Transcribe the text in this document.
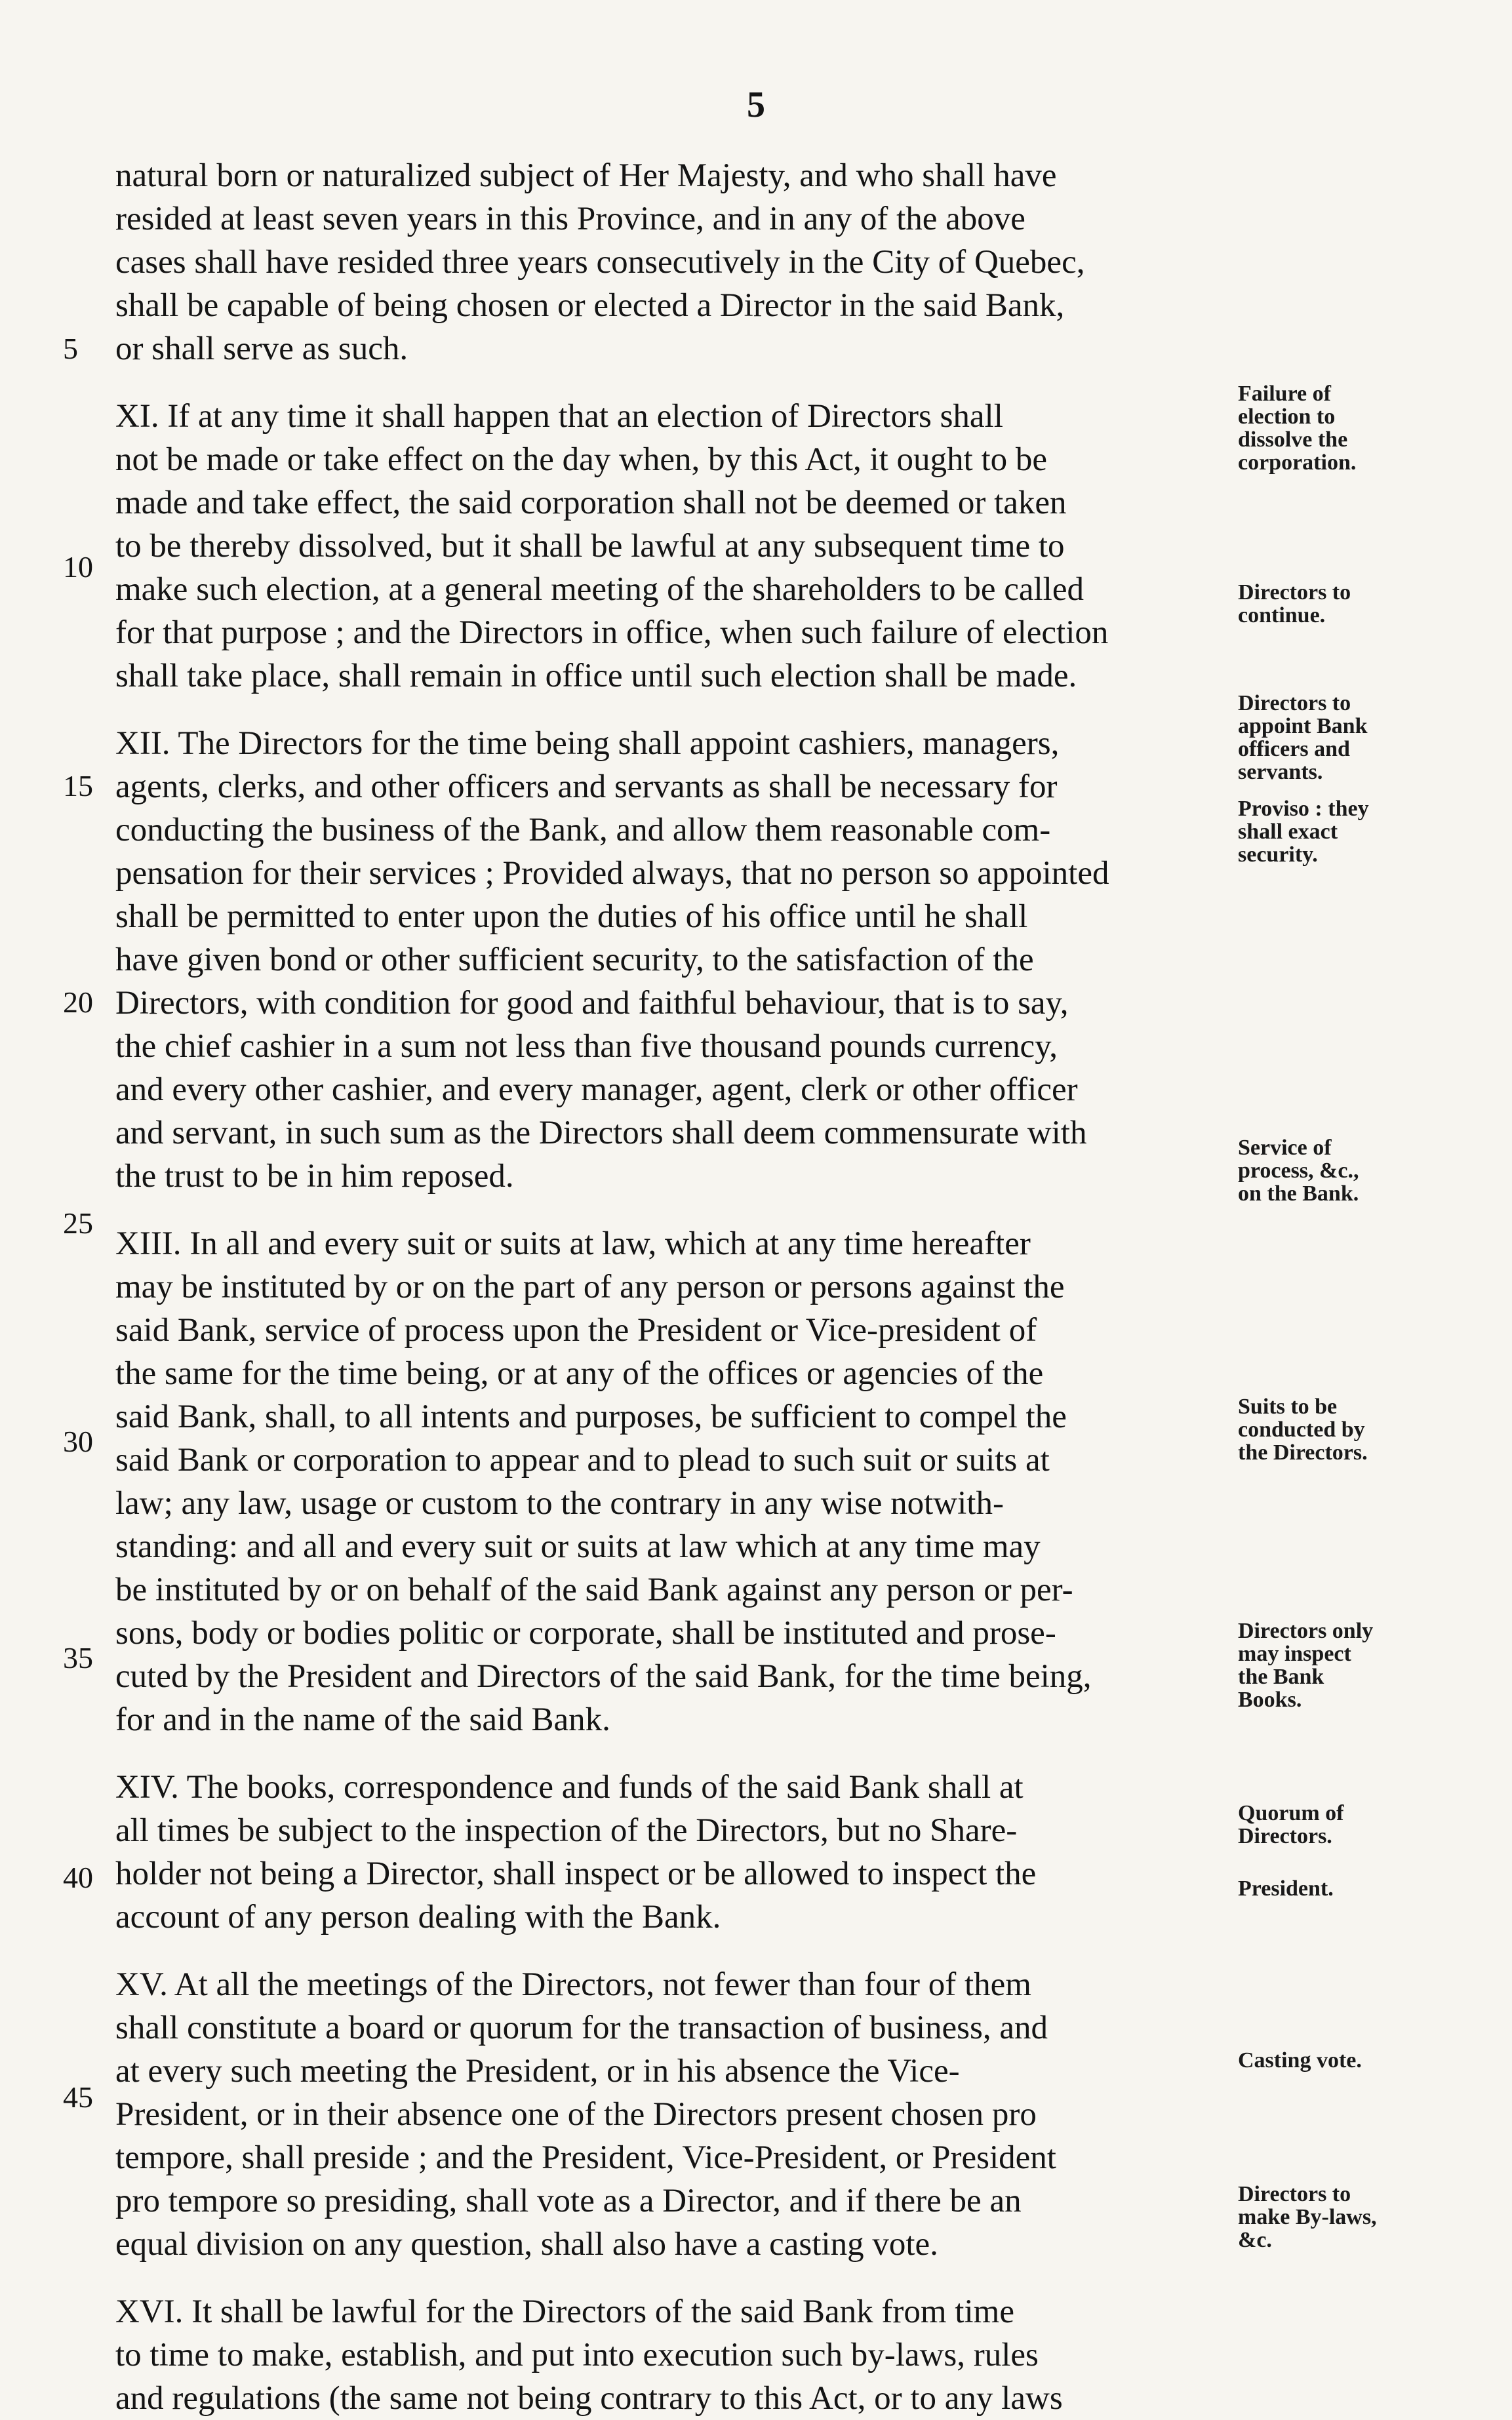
5

natural born or naturalized subject of Her Majesty, and who shall have
resided at least seven years in this Province, and in any of the above
cases shall have resided three years consecutively in the City of Quebec,
shall be capable of being chosen or elected a Director in the said Bank,
or shall serve as such.

XI. If at any time it shall happen that an election of Directors shall
not be made or take effect on the day when, by this Act, it ought to be
made and take effect, the said corporation shall not be deemed or taken
to be thereby dissolved, but it shall be lawful at any subsequent time to
make such election, at a general meeting of the shareholders to be called
for that purpose ; and the Directors in office, when such failure of election
shall take place, shall remain in office until such election shall be made.

XII. The Directors for the time being shall appoint cashiers, managers,
agents, clerks, and other officers and servants as shall be necessary for
conducting the business of the Bank, and allow them reasonable com-
pensation for their services ; Provided always, that no person so appointed
shall be permitted to enter upon the duties of his office until he shall
have given bond or other sufficient security, to the satisfaction of the
Directors, with condition for good and faithful behaviour, that is to say,
the chief cashier in a sum not less than five thousand pounds currency,
and every other cashier, and every manager, agent, clerk or other officer
and servant, in such sum as the Directors shall deem commensurate with
the trust to be in him reposed.

XIII. In all and every suit or suits at law, which at any time hereafter
may be instituted by or on the part of any person or persons against the
said Bank, service of process upon the President or Vice-president of
the same for the time being, or at any of the offices or agencies of the
said Bank, shall, to all intents and purposes, be sufficient to compel the
said Bank or corporation to appear and to plead to such suit or suits at
law; any law, usage or custom to the contrary in any wise notwith-
standing: and all and every suit or suits at law which at any time may
be instituted by or on behalf of the said Bank against any person or per-
sons, body or bodies politic or corporate, shall be instituted and prose-
cuted by the President and Directors of the said Bank, for the time being,
for and in the name of the said Bank.

XIV. The books, correspondence and funds of the said Bank shall at
all times be subject to the inspection of the Directors, but no Share-
holder not being a Director, shall inspect or be allowed to inspect the
account of any person dealing with the Bank.

XV. At all the meetings of the Directors, not fewer than four of them
shall constitute a board or quorum for the transaction of business, and
at every such meeting the President, or in his absence the Vice-
President, or in their absence one of the Directors present chosen pro
tempore, shall preside ; and the President, Vice-President, or President
pro tempore so presiding, shall vote as a Director, and if there be an
equal division on any question, shall also have a casting vote.

XVI. It shall be lawful for the Directors of the said Bank from time
to time to make, establish, and put into execution such by-laws, rules
and regulations (the same not being contrary to this Act, or to any laws

5
10
15
20
25
30
35
40
45
Failure of
election to
dissolve the
corporation.
Directors to
continue.
Directors to
appoint Bank
officers and
servants.
Proviso : they
shall exact
security.
Service of
process, &c.,
on the Bank.
Suits to be
conducted by
the Directors.
Directors only
may inspect
the Bank
Books.
Quorum of
Directors.
President.
Casting vote.
Directors to
make By-laws,
&c.
